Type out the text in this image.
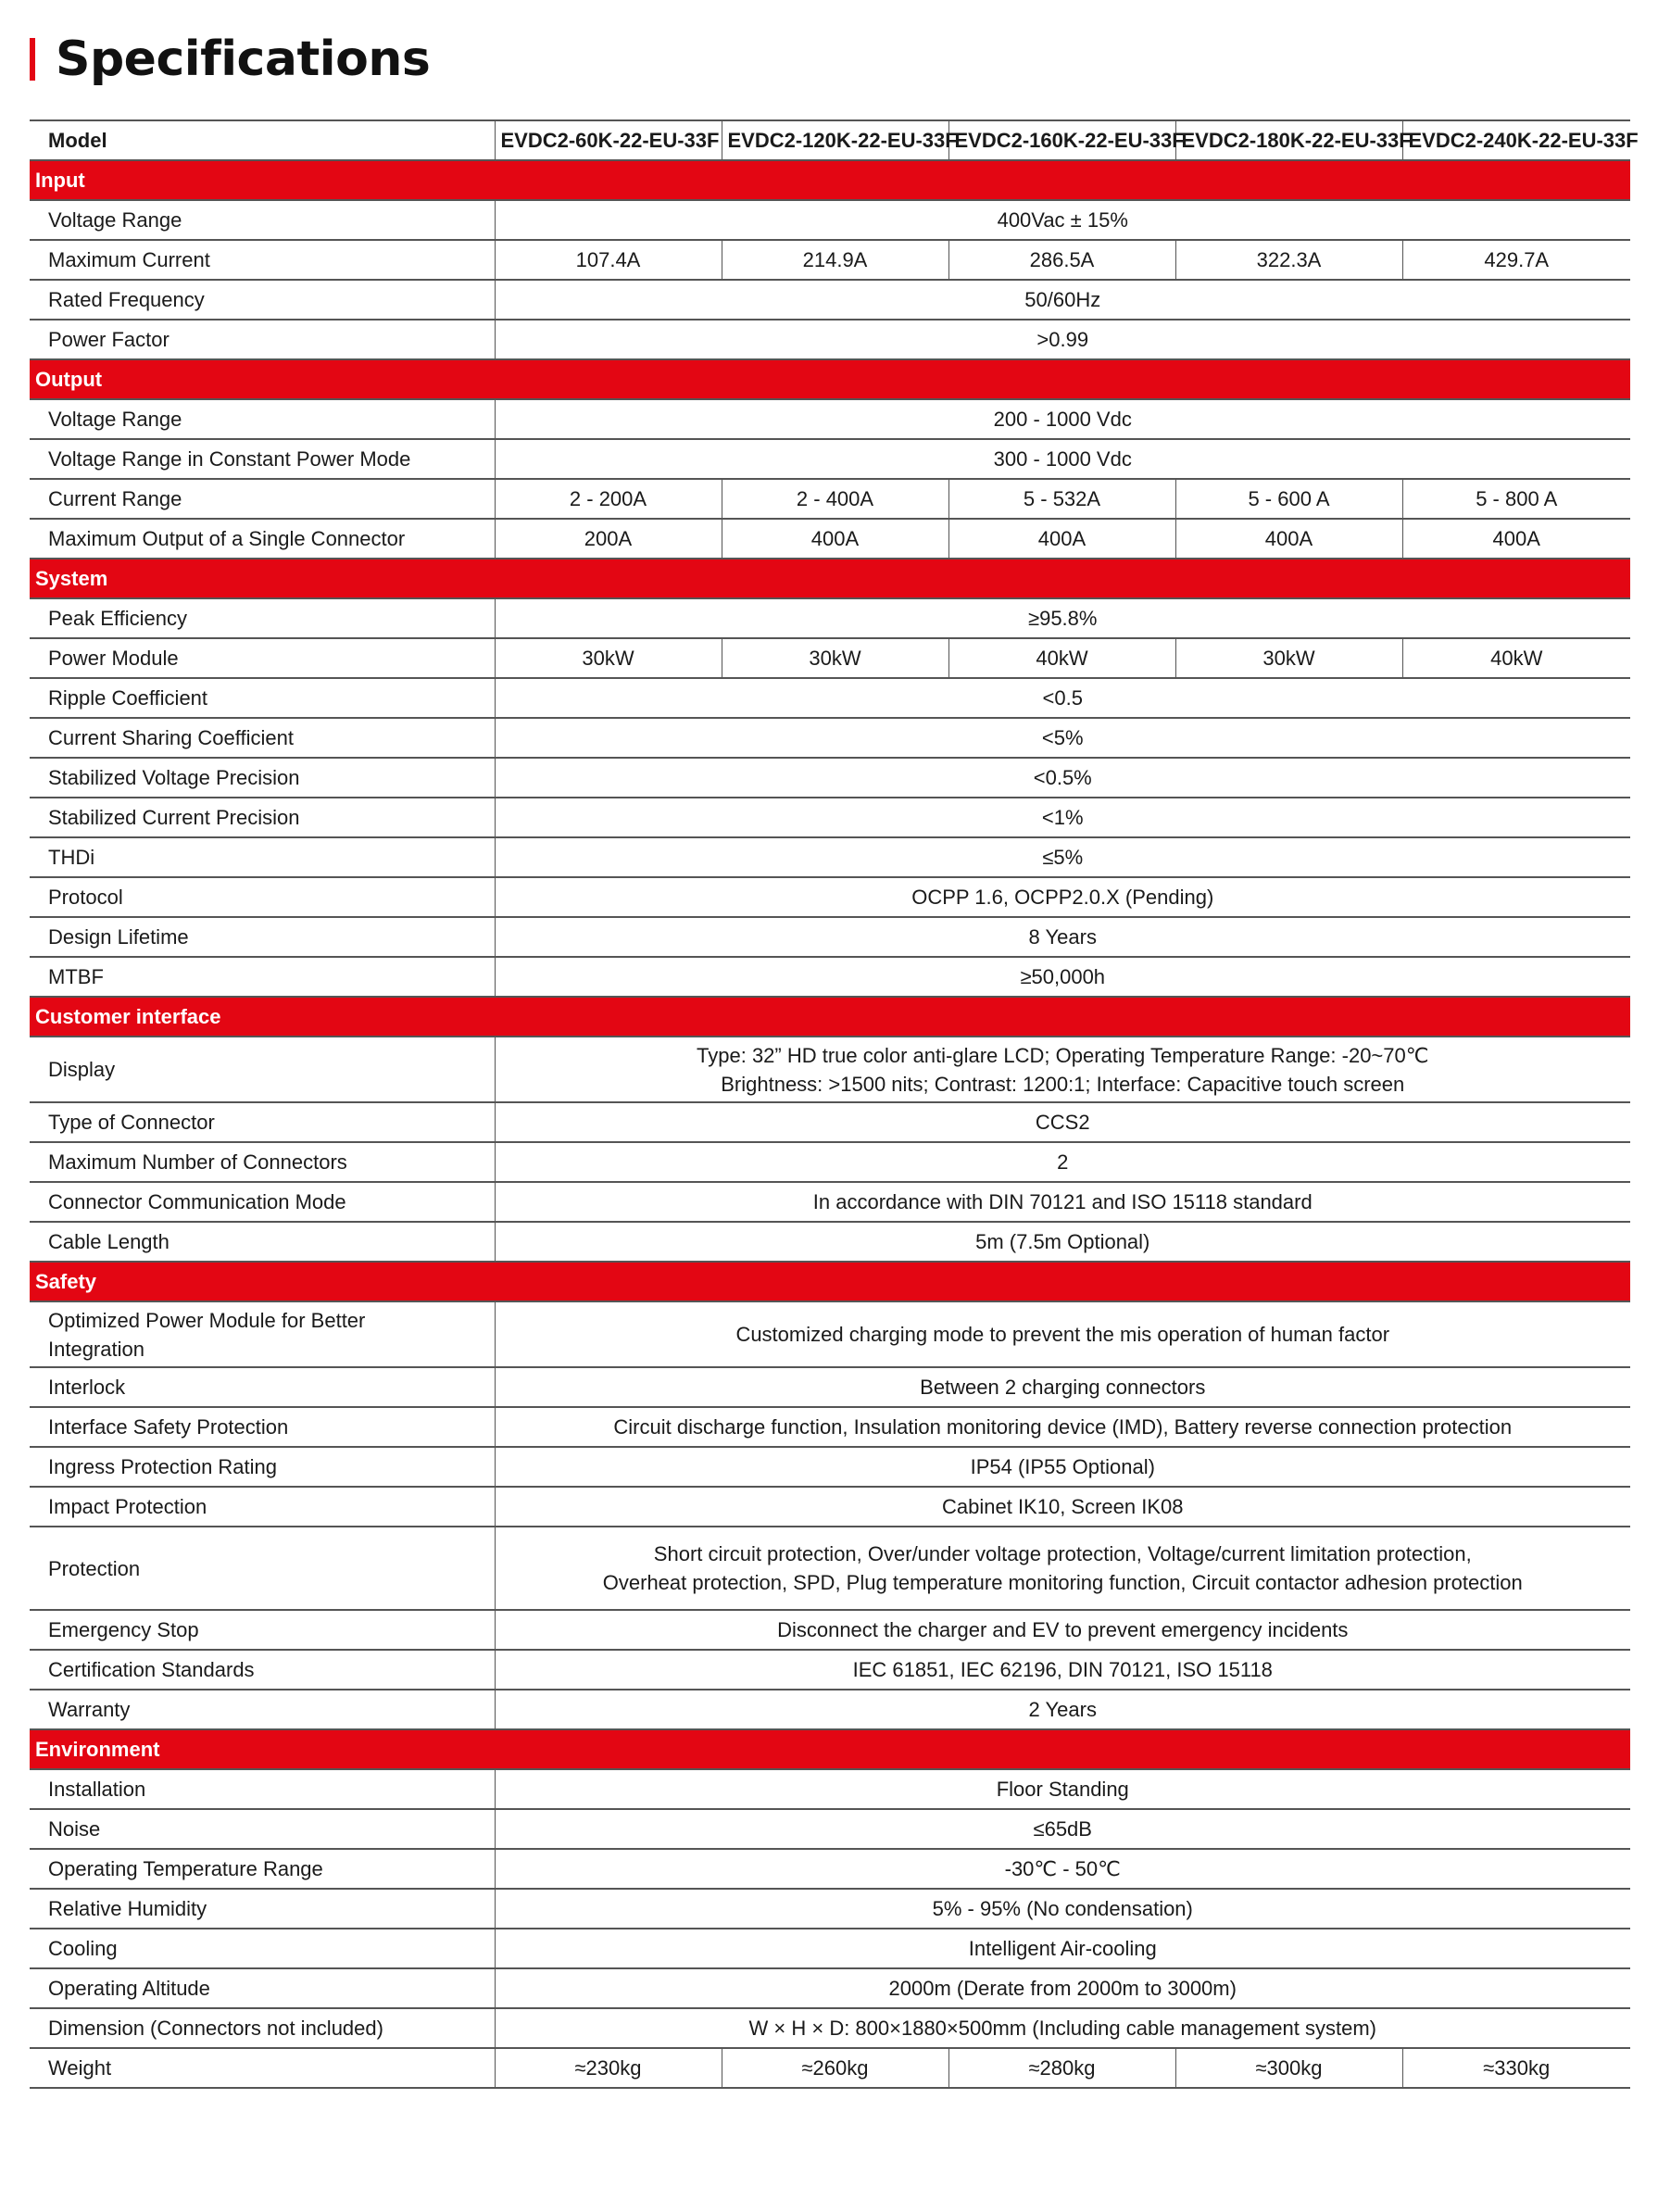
Specifications
Model	EVDC2-60K-22-EU-33F	EVDC2-120K-22-EU-33F	EVDC2-160K-22-EU-33F	EVDC2-180K-22-EU-33F	EVDC2-240K-22-EU-33F
Input					
Voltage Range	400Vac ± 15%				
Maximum Current	107.4A	214.9A	286.5A	322.3A	429.7A
Rated Frequency	50/60Hz				
Power Factor	>0.99				
Output					
Voltage Range	200 - 1000 Vdc				
Voltage Range in Constant Power Mode	300 - 1000 Vdc				
Current Range	2 - 200A	2 - 400A	5 - 532A	5 - 600 A	5 - 800 A
Maximum Output of a Single Connector	200A	400A	400A	400A	400A
System					
Peak Efficiency	≥95.8%				
Power Module	30kW	30kW	40kW	30kW	40kW
Ripple Coefficient	<0.5				
Current Sharing Coefficient	<5%				
Stabilized Voltage Precision	<0.5%				
Stabilized Current Precision	<1%				
THDi	≤5%				
Protocol	OCPP 1.6, OCPP2.0.X (Pending)				
Design Lifetime	8 Years				
MTBF	≥50,000h				
Customer interface					
Display	Type: 32” HD true color anti-glare LCD; Operating Temperature Range: -20~70℃
Brightness: >1500 nits; Contrast: 1200:1; Interface: Capacitive touch screen				
Type of Connector	CCS2				
Maximum Number of Connectors	2				
Connector Communication Mode	In accordance with DIN 70121 and ISO 15118 standard				
Cable Length	5m (7.5m Optional)				
Safety					
Optimized Power Module for Better
Integration	Customized charging mode to prevent the mis operation of human factor				
Interlock	Between 2 charging connectors				
Interface Safety Protection	Circuit discharge function, Insulation monitoring device (IMD), Battery reverse connection protection				
Ingress Protection Rating	IP54 (IP55 Optional)				
Impact Protection	Cabinet IK10, Screen IK08				
Protection	Short circuit protection, Over/under voltage protection, Voltage/current limitation protection,
Overheat protection, SPD, Plug temperature monitoring function, Circuit contactor adhesion protection				
Emergency Stop	Disconnect the charger and EV to prevent emergency incidents				
Certification Standards	IEC 61851, IEC 62196, DIN 70121, ISO 15118				
Warranty	2 Years				
Environment					
Installation	Floor Standing				
Noise	≤65dB				
Operating Temperature Range	-30℃ - 50℃				
Relative Humidity	5% - 95% (No condensation)				
Cooling	Intelligent Air-cooling				
Operating Altitude	2000m (Derate from 2000m to 3000m)				
Dimension (Connectors not included)	W × H × D: 800×1880×500mm (Including cable management system)				
Weight	≈230kg	≈260kg	≈280kg	≈300kg	≈330kg
